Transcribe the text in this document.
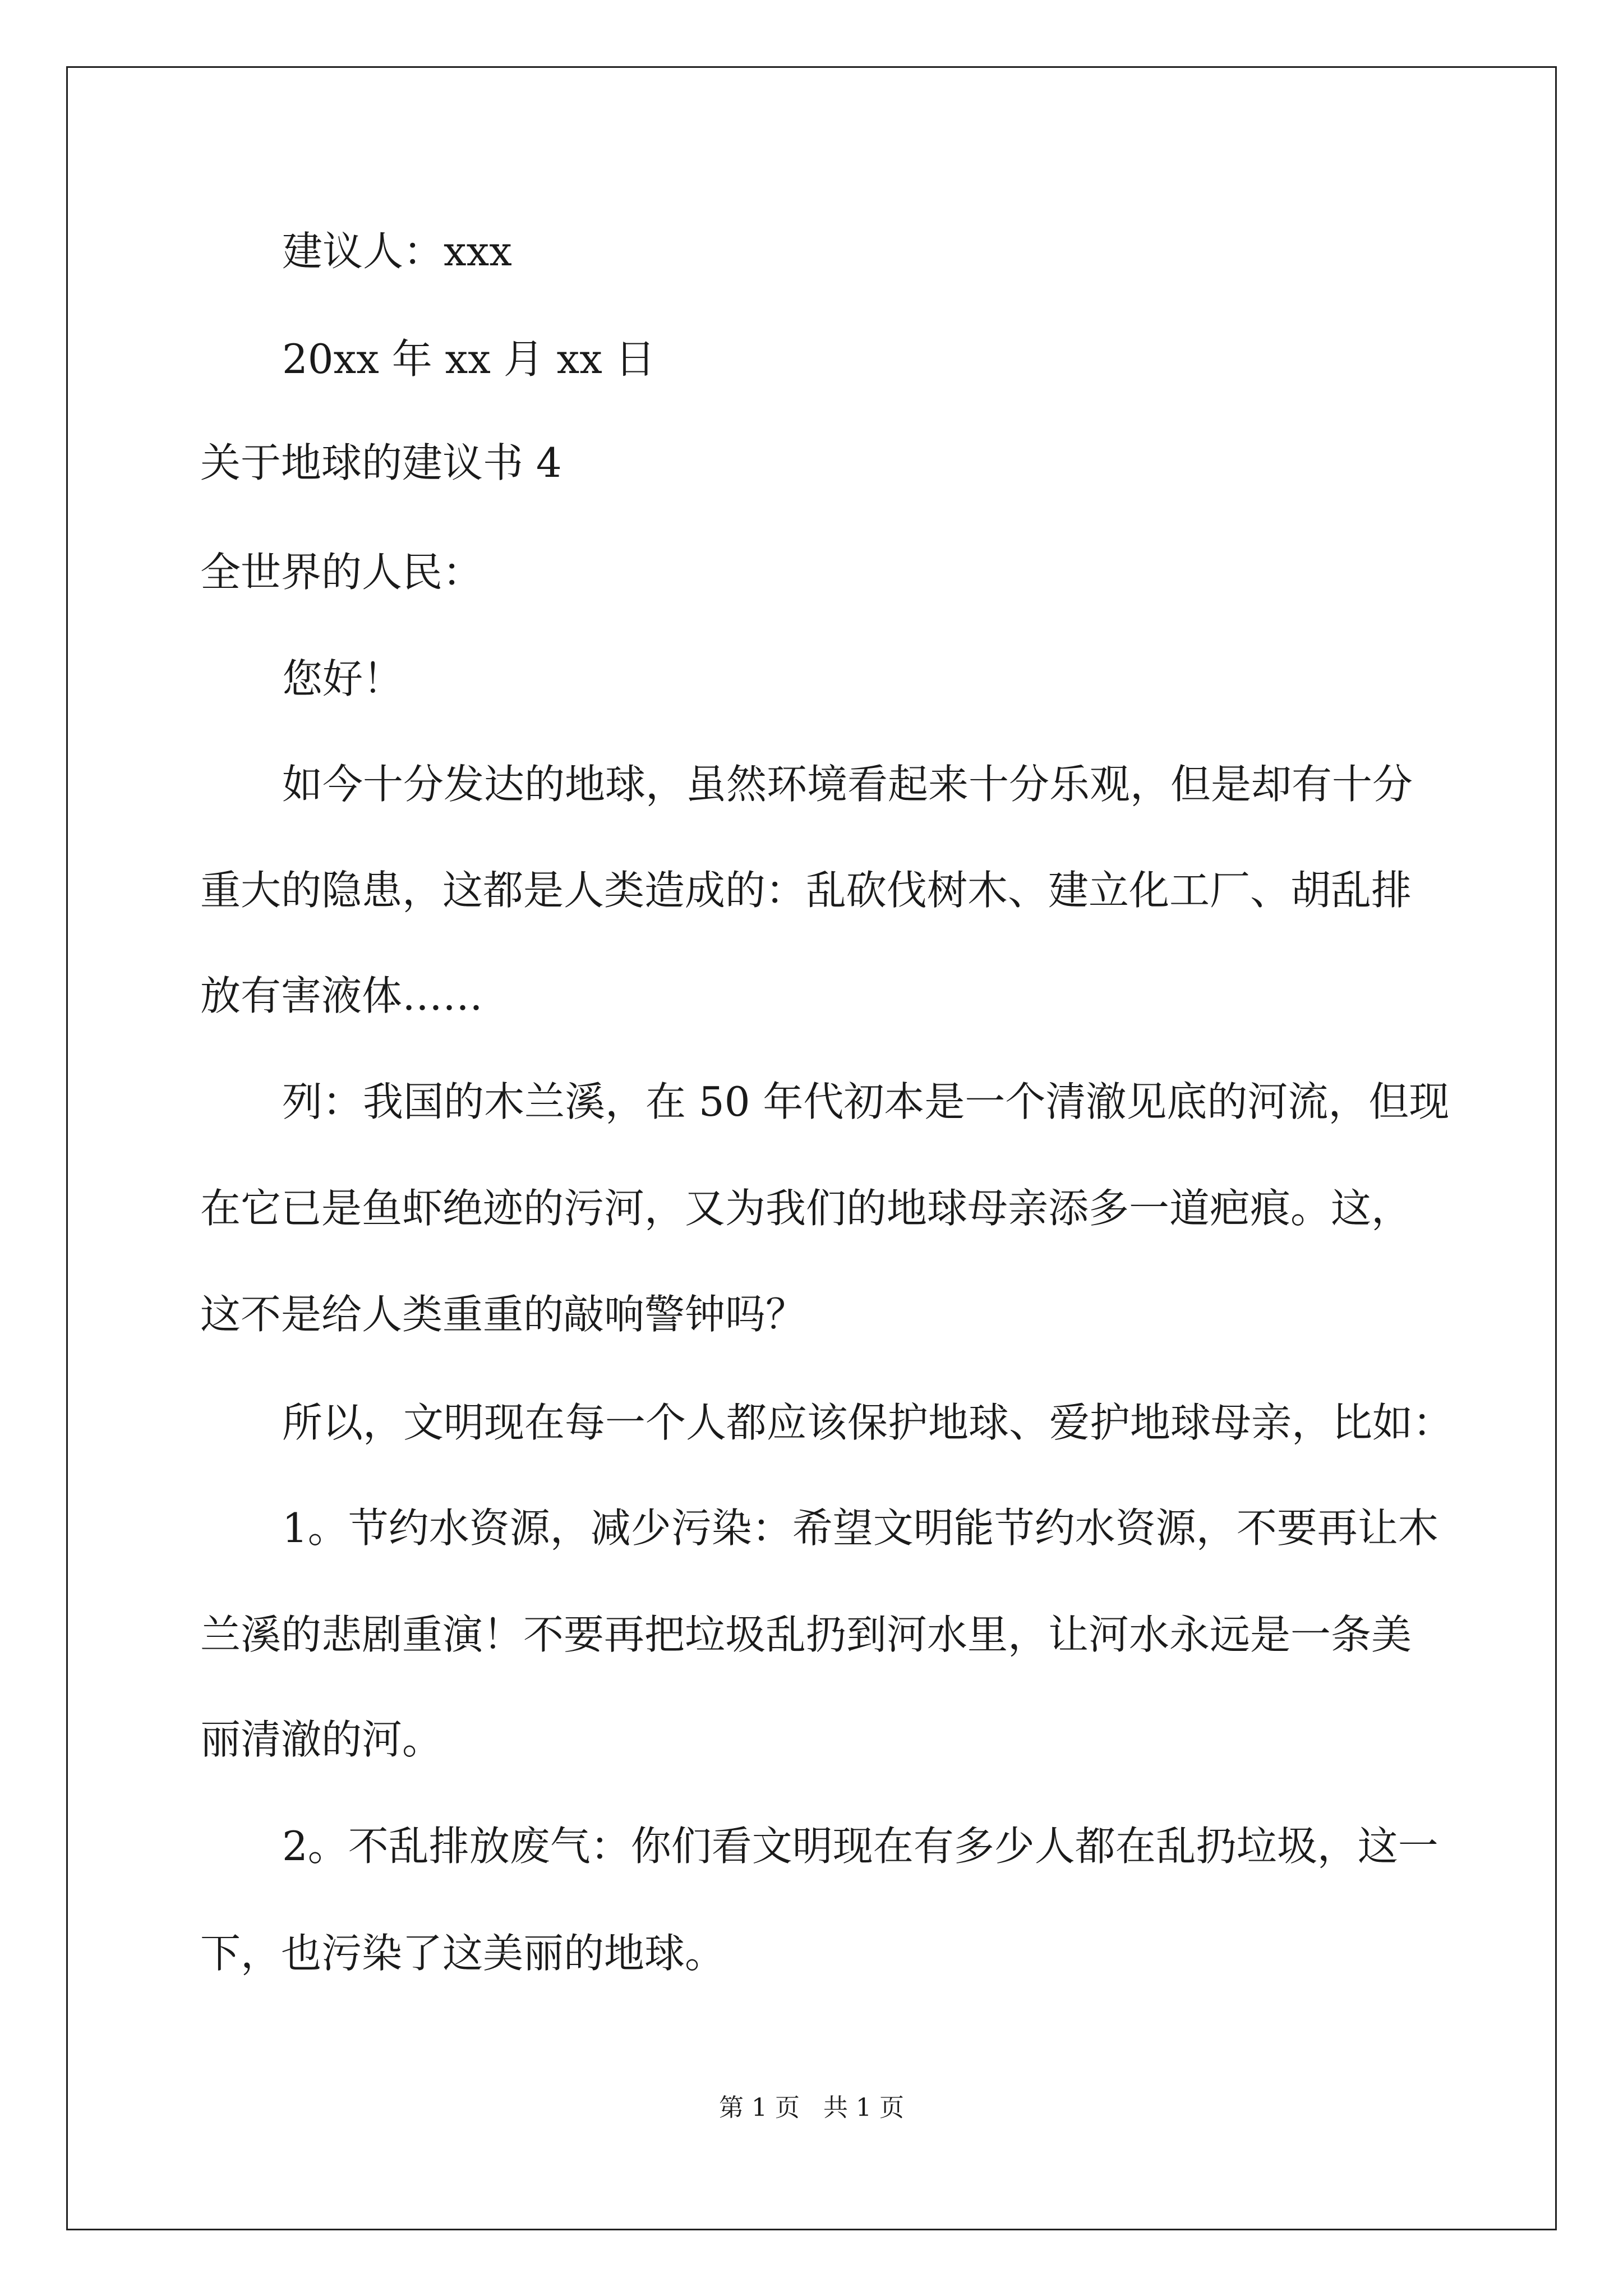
建议人：xxx
20xx 年 xx 月 xx 日
关于地球的建议书 4
全世界的人民：
您好！
如今十分发达的地球，虽然环境看起来十分乐观，但是却有十分
重大的隐患，这都是人类造成的：乱砍伐树木、建立化工厂、胡乱排
放有害液体……
列：我国的木兰溪，在 50 年代初本是一个清澈见底的河流，但现
在它已是鱼虾绝迹的污河，又为我们的地球母亲添多一道疤痕。这，
这不是给人类重重的敲响警钟吗？
所以，文明现在每一个人都应该保护地球、爱护地球母亲，比如：
1。节约水资源，减少污染：希望文明能节约水资源，不要再让木
兰溪的悲剧重演！不要再把垃圾乱扔到河水里，让河水永远是一条美
丽清澈的河。
2。不乱排放废气：你们看文明现在有多少人都在乱扔垃圾，这一
下，也污染了这美丽的地球。
第 1 页   共 1 页
